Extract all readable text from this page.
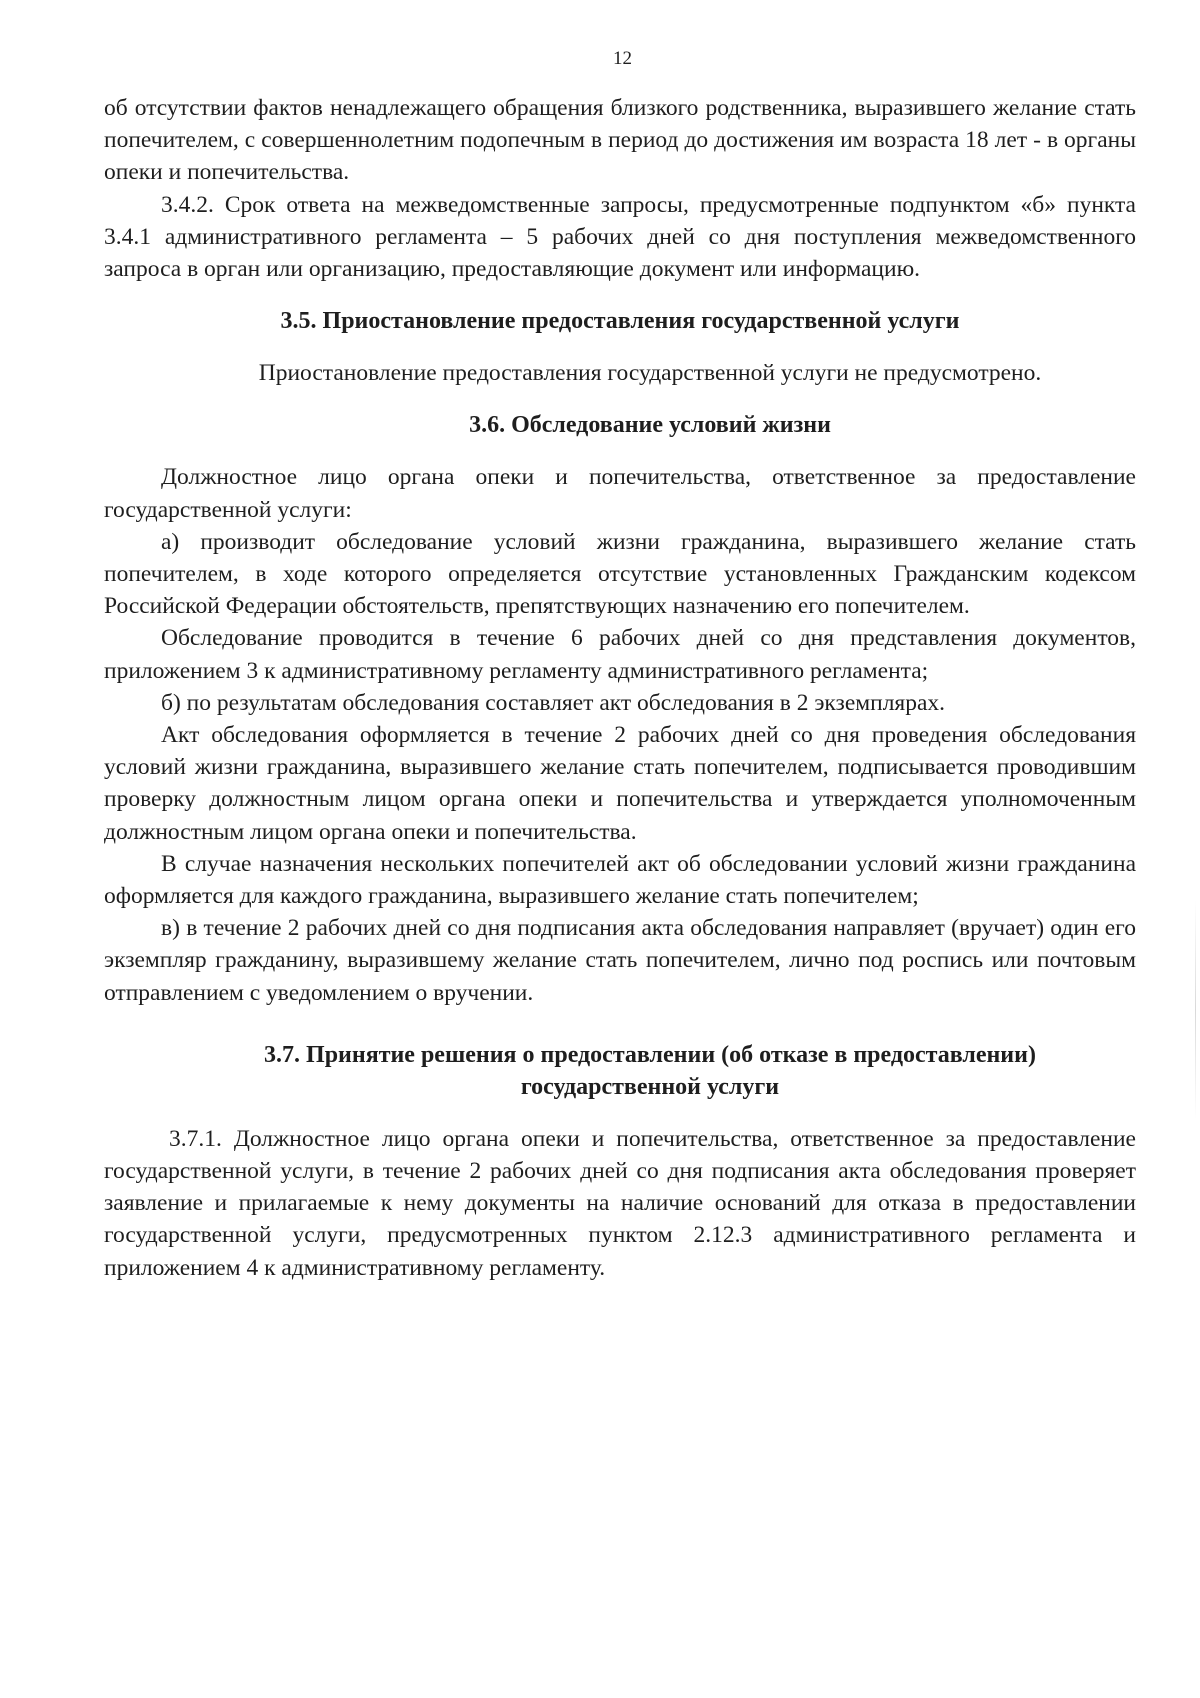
12

об отсутствии фактов ненадлежащего обращения близкого родственника, выразившего желание стать попечителем, с совершеннолетним подопечным в период до достижения им возраста 18 лет - в органы опеки и попечительства.

3.4.2. Срок ответа на межведомственные запросы, предусмотренные подпунктом «б» пункта 3.4.1 административного регламента – 5 рабочих дней со дня поступления межведомственного запроса в орган или организацию, предоставляющие документ или информацию.

3.5. Приостановление предоставления государственной услуги

Приостановление предоставления государственной услуги не предусмотрено.

3.6. Обследование условий жизни

Должностное лицо органа опеки и попечительства, ответственное за предоставление государственной услуги:

а) производит обследование условий жизни гражданина, выразившего желание стать попечителем, в ходе которого определяется отсутствие установленных Гражданским кодексом Российской Федерации обстоятельств, препятствующих назначению его попечителем.

Обследование проводится в течение 6 рабочих дней со дня представления документов, приложением 3 к административному регламенту административного регламента;

б) по результатам обследования составляет акт обследования в 2 экземплярах.

Акт обследования оформляется в течение 2 рабочих дней со дня проведения обследования условий жизни гражданина, выразившего желание стать попечителем, подписывается проводившим проверку должностным лицом органа опеки и попечительства и утверждается уполномоченным должностным лицом органа опеки и попечительства.

В случае назначения нескольких попечителей акт об обследовании условий жизни гражданина оформляется для каждого гражданина, выразившего желание стать попечителем;

в) в течение 2 рабочих дней со дня подписания акта обследования направляет (вручает) один его экземпляр гражданину, выразившему желание стать попечителем, лично под роспись или почтовым отправлением с уведомлением о вручении.

3.7. Принятие решения о предоставлении (об отказе в предоставлении)

государственной услуги

3.7.1. Должностное лицо органа опеки и попечительства, ответственное за предоставление государственной услуги, в течение 2 рабочих дней со дня подписания акта обследования проверяет заявление и прилагаемые к нему документы на наличие оснований для отказа в предоставлении государственной услуги, предусмотренных пунктом 2.12.3 административного регламента и приложением 4 к административному регламенту.
